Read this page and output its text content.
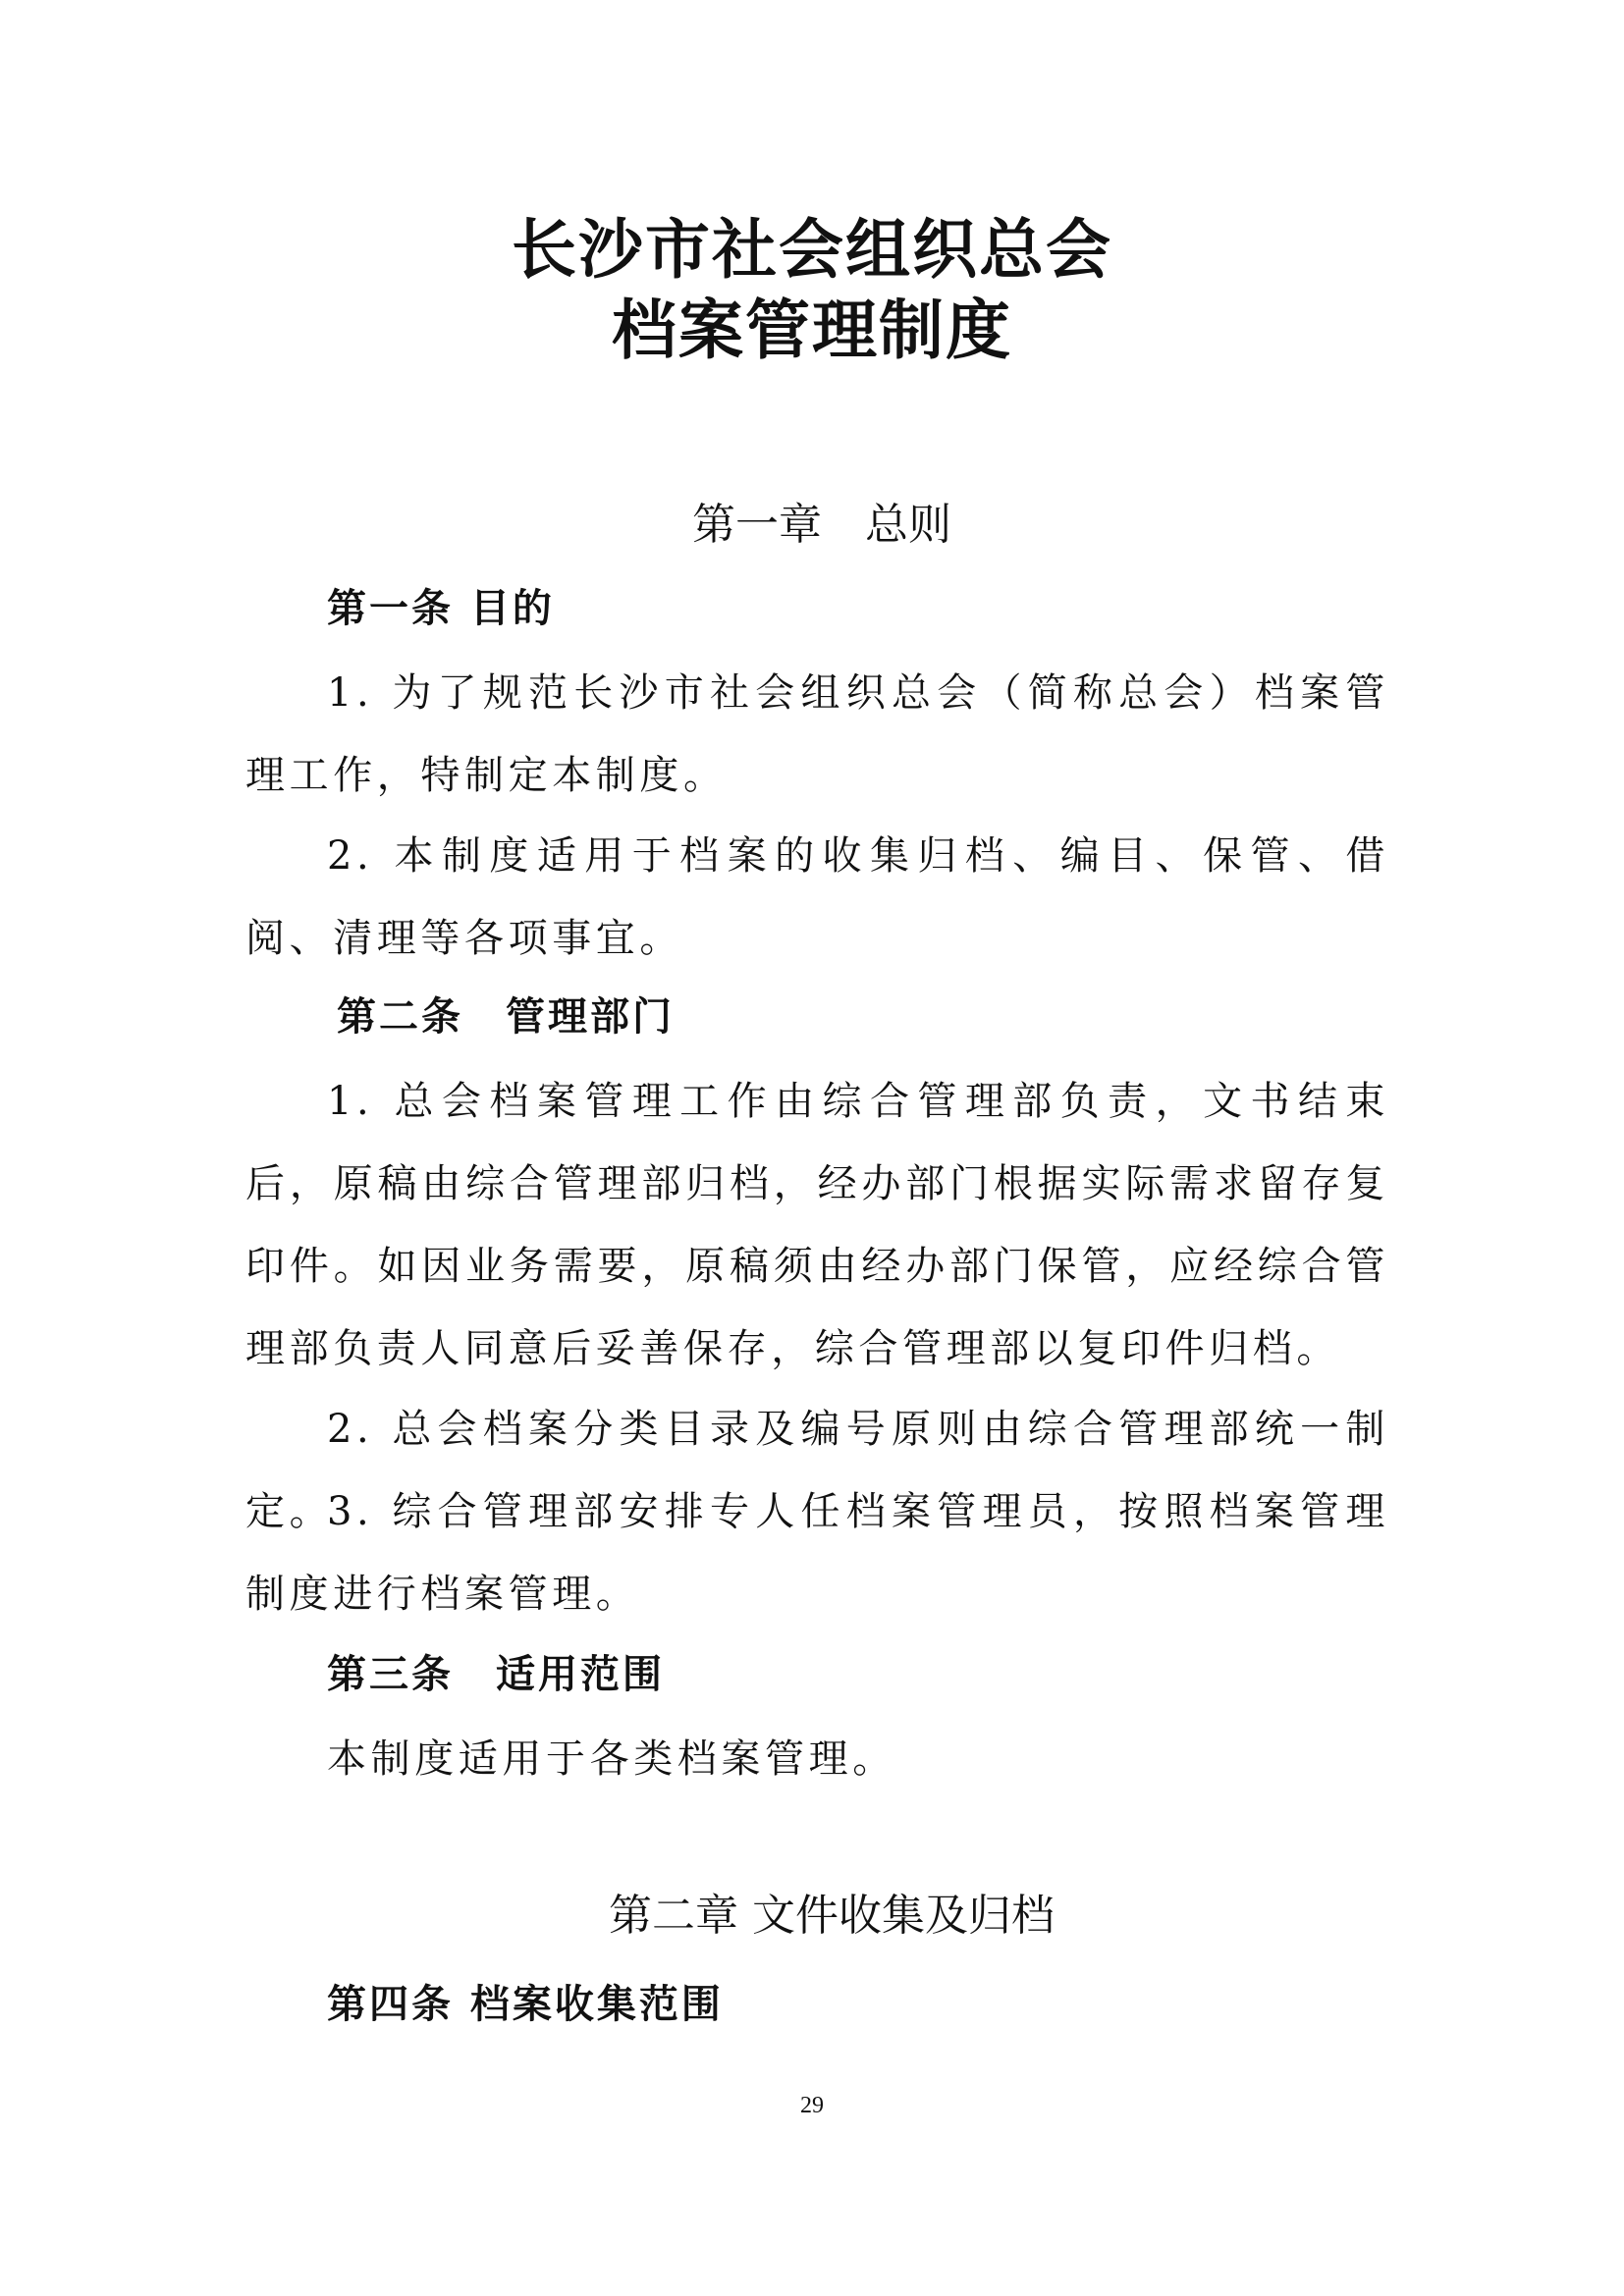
长沙市社会组织总会
档案管理制度
第一章　总则
第一条 目的
1. 为了规范长沙市社会组织总会（简称总会）档案管理工作，特制定本制度。
2. 本制度适用于档案的收集归档、编目、保管、借阅、清理等各项事宜。
第二条　管理部门
1. 总会档案管理工作由综合管理部负责，文书结束后，原稿由综合管理部归档，经办部门根据实际需求留存复印件。如因业务需要，原稿须由经办部门保管，应经综合管理部负责人同意后妥善保存，综合管理部以复印件归档。
2. 总会档案分类目录及编号原则由综合管理部统一制定。
3. 综合管理部安排专人任档案管理员，按照档案管理制度进行档案管理。
第三条　适用范围
本制度适用于各类档案管理。
第二章 文件收集及归档
第四条 档案收集范围
29
